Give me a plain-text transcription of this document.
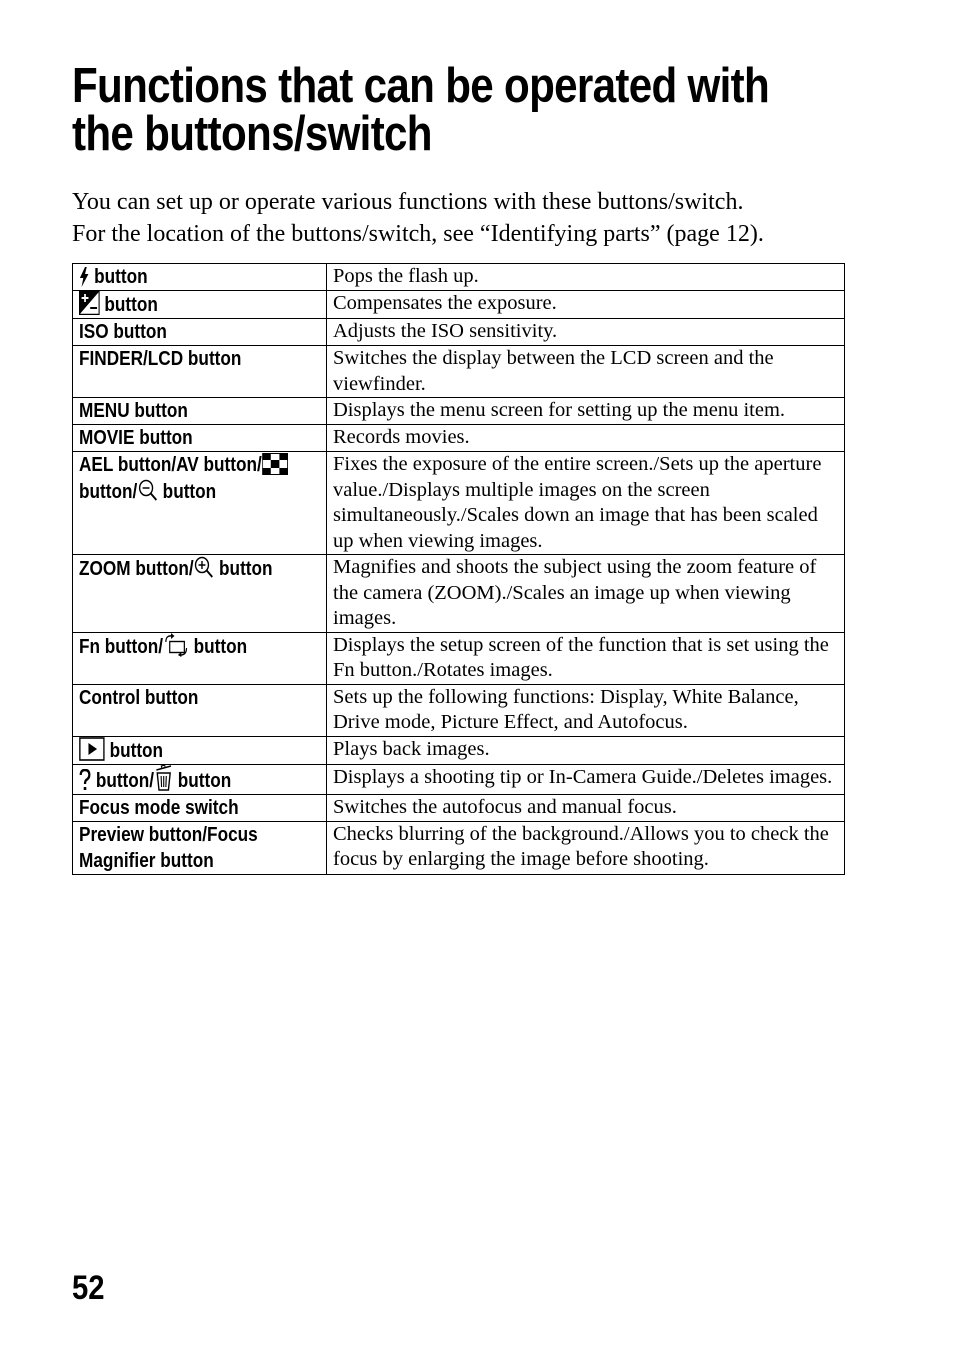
Functions that can be operated with
the buttons/switch

You can set up or operate various functions with these buttons/switch.

For the location of the buttons/switch, see “Identifying parts” (page 12).

button	Pops the flash up.

button	Compensates the exposure.
ISO button	Adjusts the ISO sensitivity.
FINDER/LCD button	Switches the display between the LCD screen and the viewfinder.
MENU button	Displays the menu screen for setting up the menu item.
MOVIE button	Records movies.
AEL button/AV button/

button/
button	Fixes the exposure of the entire screen./Sets up the aperture value./Displays multiple images on the screen simultaneously./Scales down an image that has been scaled up when viewing images.
ZOOM button/
button	Magnifies and shoots the subject using the zoom feature of the camera (ZOOM)./Scales an image up when viewing images.
Fn button/
button	Displays the setup screen of the function that is set using the Fn button./Rotates images.
Control button	Sets up the following functions: Display, White Balance, Drive mode, Picture Effect, and Autofocus.

button	Plays back images.

button/
button	Displays a shooting tip or In-Camera Guide./Deletes images.
Focus mode switch	Switches the autofocus and manual focus.
Preview button/Focus
Magnifier button	Checks blurring of the background./Allows you to check the focus by enlarging the image before shooting.
52
